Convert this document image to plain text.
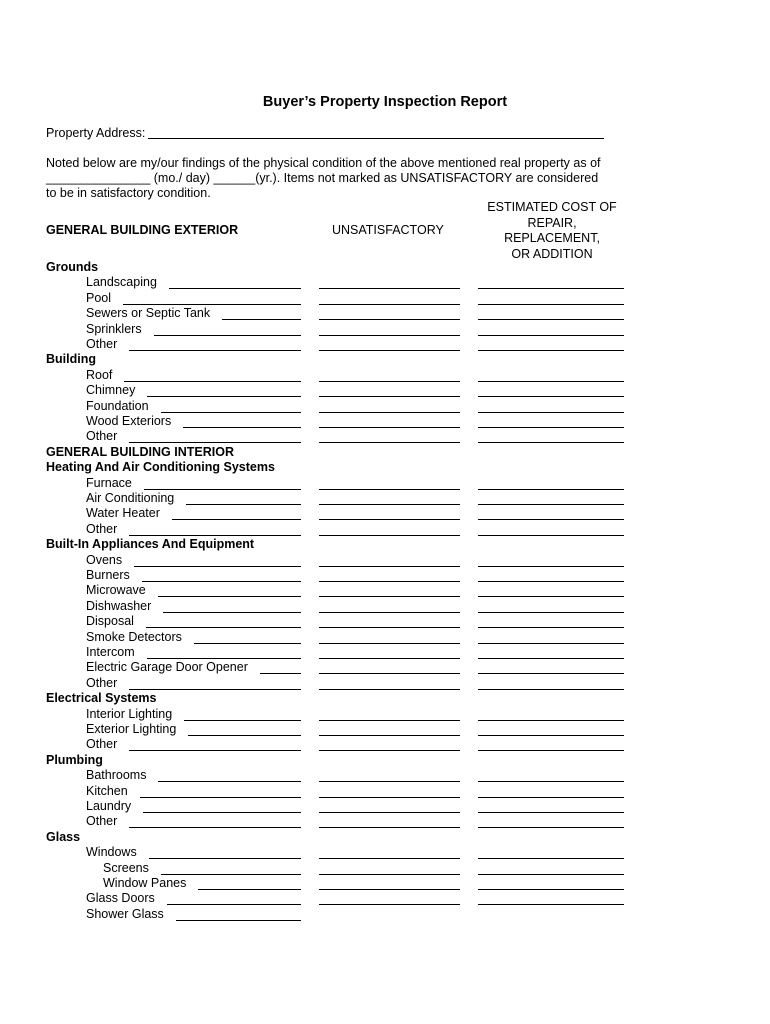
Buyer’s Property Inspection Report
Property Address:
Noted below are my/our findings of the physical condition of the above mentioned real property as of
_______________ (mo./ day) ______(yr.). Items not marked as UNSATISFACTORY are considered
to be in satisfactory condition.
GENERAL BUILDING EXTERIOR	UNSATISFACTORY
ESTIMATED COST OF
REPAIR,
REPLACEMENT,
OR ADDITION
Grounds
Landscaping
Pool
Sewers or Septic Tank
Sprinklers
Other
Building
Roof
Chimney
Foundation
Wood Exteriors
Other
GENERAL BUILDING INTERIOR
Heating And Air Conditioning Systems
Furnace
Air Conditioning
Water Heater
Other
Built-In Appliances And Equipment
Ovens
Burners
Microwave
Dishwasher
Disposal
Smoke Detectors
Intercom
Electric Garage Door Opener
Other
Electrical Systems
Interior Lighting
Exterior Lighting
Other
Plumbing
Bathrooms
Kitchen
Laundry
Other
Glass
Windows
Screens
Window Panes
Glass Doors
Shower Glass
